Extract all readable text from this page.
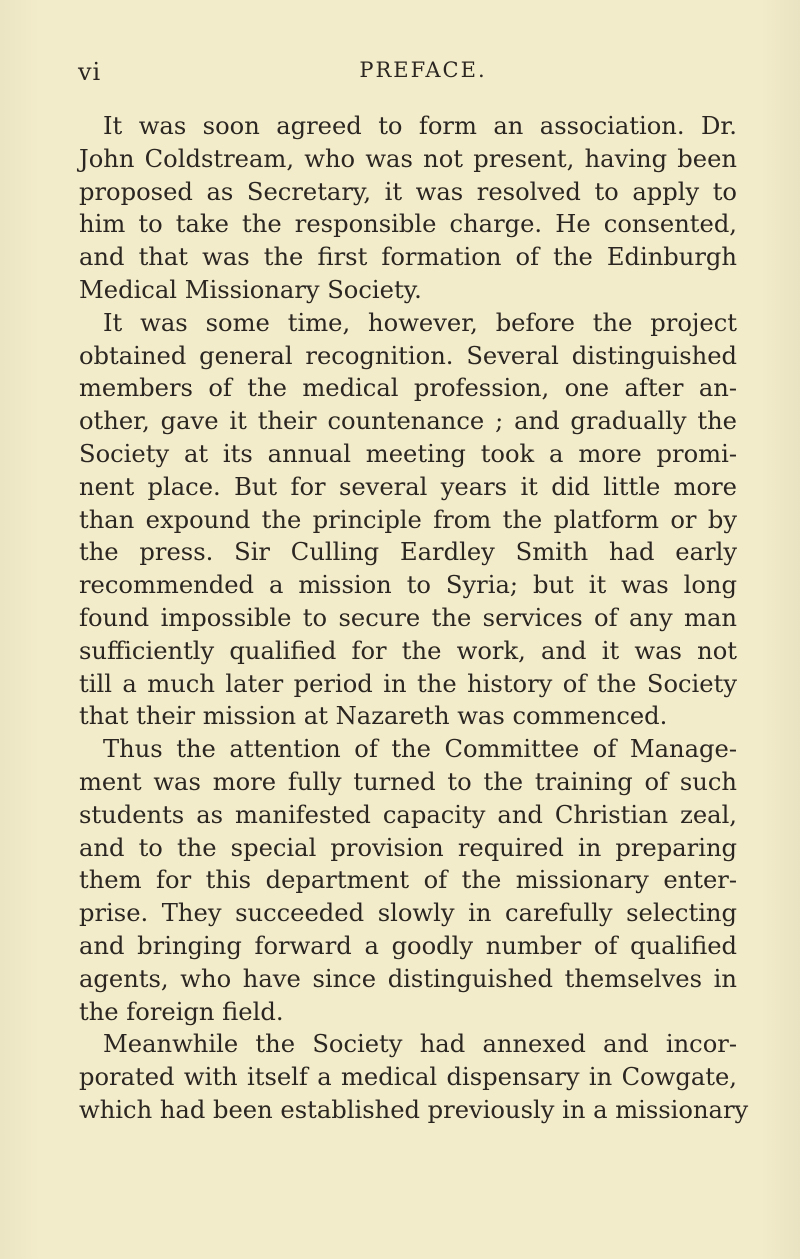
vi	PREFACE.
It was soon agreed to form an association. Dr.
John Coldstream, who was not present, having been
proposed as Secretary, it was resolved to apply to
him to take the responsible charge. He consented,
and that was the first formation of the Edinburgh
Medical Missionary Society.
It was some time, however, before the project
obtained general recognition. Several distinguished
members of the medical profession, one after an-
other, gave it their countenance ; and gradually the
Society at its annual meeting took a more promi-
nent place. But for several years it did little more
than expound the principle from the platform or by
the press. Sir Culling Eardley Smith had early
recommended a mission to Syria; but it was long
found impossible to secure the services of any man
sufficiently qualified for the work, and it was not
till a much later period in the history of the Society
that their mission at Nazareth was commenced.
Thus the attention of the Committee of Manage-
ment was more fully turned to the training of such
students as manifested capacity and Christian zeal,
and to the special provision required in preparing
them for this department of the missionary enter-
prise. They succeeded slowly in carefully selecting
and bringing forward a goodly number of qualified
agents, who have since distinguished themselves in
the foreign field.
Meanwhile the Society had annexed and incor-
porated with itself a medical dispensary in Cowgate,
which had been established previously in a missionary
